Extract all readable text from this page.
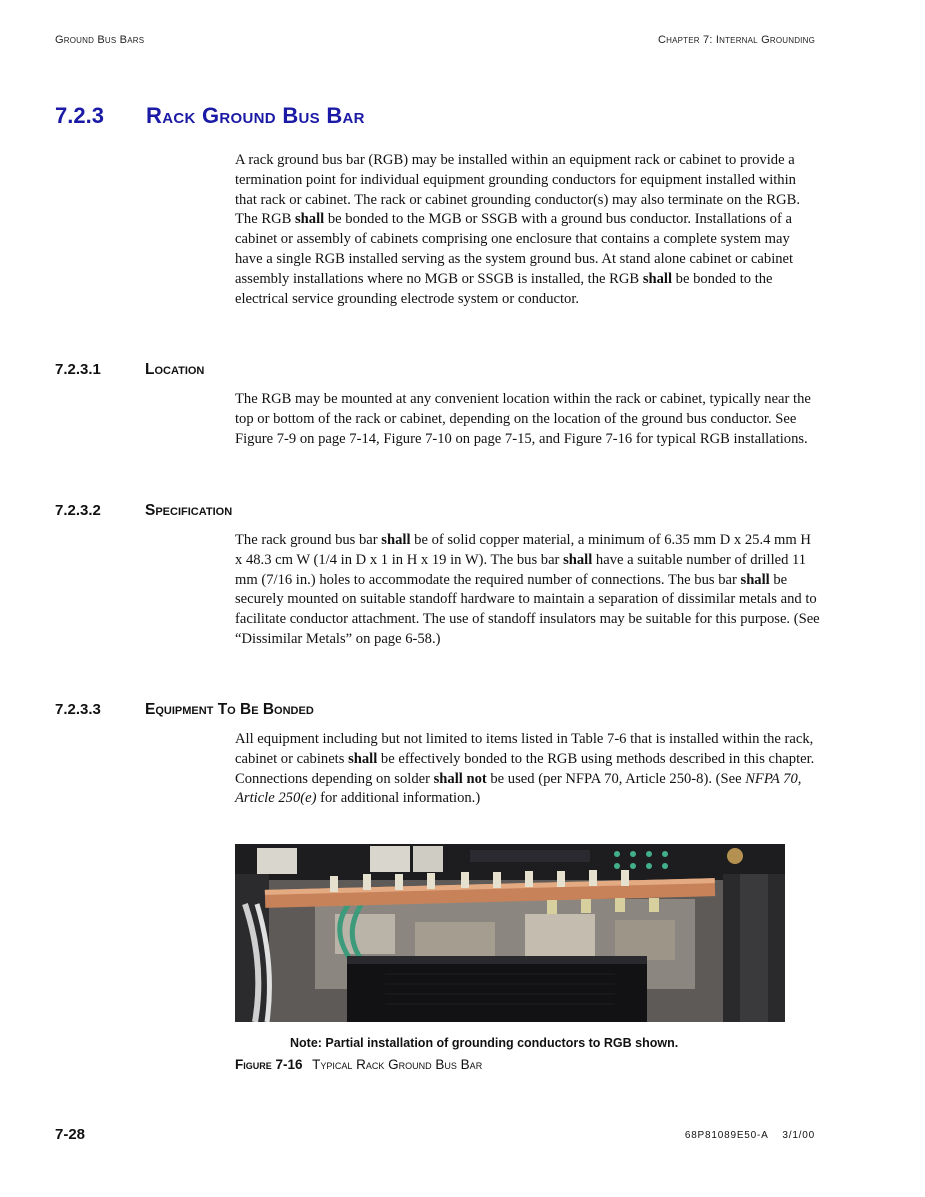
Ground Bus Bars	Chapter 7: Internal Grounding
7.2.3	Rack Ground Bus Bar

A rack ground bus bar (RGB) may be installed within an equipment rack or cabinet to provide a termination point for individual equipment grounding conductors for equipment installed within that rack or cabinet. The rack or cabinet grounding conductor(s) may also terminate on the RGB. The RGB shall be bonded to the MGB or SSGB with a ground bus conductor. Installations of a cabinet or assembly of cabinets comprising one enclosure that contains a complete system may have a single RGB installed serving as the system ground bus. At stand alone cabinet or cabinet assembly installations where no MGB or SSGB is installed, the RGB shall be bonded to the electrical service grounding electrode system or conductor.

7.2.3.1	Location

The RGB may be mounted at any convenient location within the rack or cabinet, typically near the top or bottom of the rack or cabinet, depending on the location of the ground bus conductor. See Figure 7-9 on page 7-14, Figure 7-10 on page 7-15, and Figure 7-16 for typical RGB installations.

7.2.3.2	Specification

The rack ground bus bar shall be of solid copper material, a minimum of 6.35 mm D x 25.4 mm H x 48.3 cm W (1/4 in D x 1 in H x 19 in W). The bus bar shall have a suitable number of drilled 11 mm (7/16 in.) holes to accommodate the required number of connections. The bus bar shall be securely mounted on suitable standoff hardware to maintain a separation of dissimilar metals and to facilitate conductor attachment. The use of standoff insulators may be suitable for this purpose. (See “Dissimilar Metals” on page 6-58.)

7.2.3.3	Equipment To Be Bonded

All equipment including but not limited to items listed in Table 7-6 that is installed within the rack, cabinet or cabinets shall be effectively bonded to the RGB using methods described in this chapter. Connections depending on solder shall not be used (per NFPA 70, Article 250-8). (See NFPA 70, Article 250(e) for additional information.)

Note: Partial installation of grounding conductors to RGB shown.
Figure 7-16 Typical Rack Ground Bus Bar
7-28	68P81089E50-A    3/1/00
